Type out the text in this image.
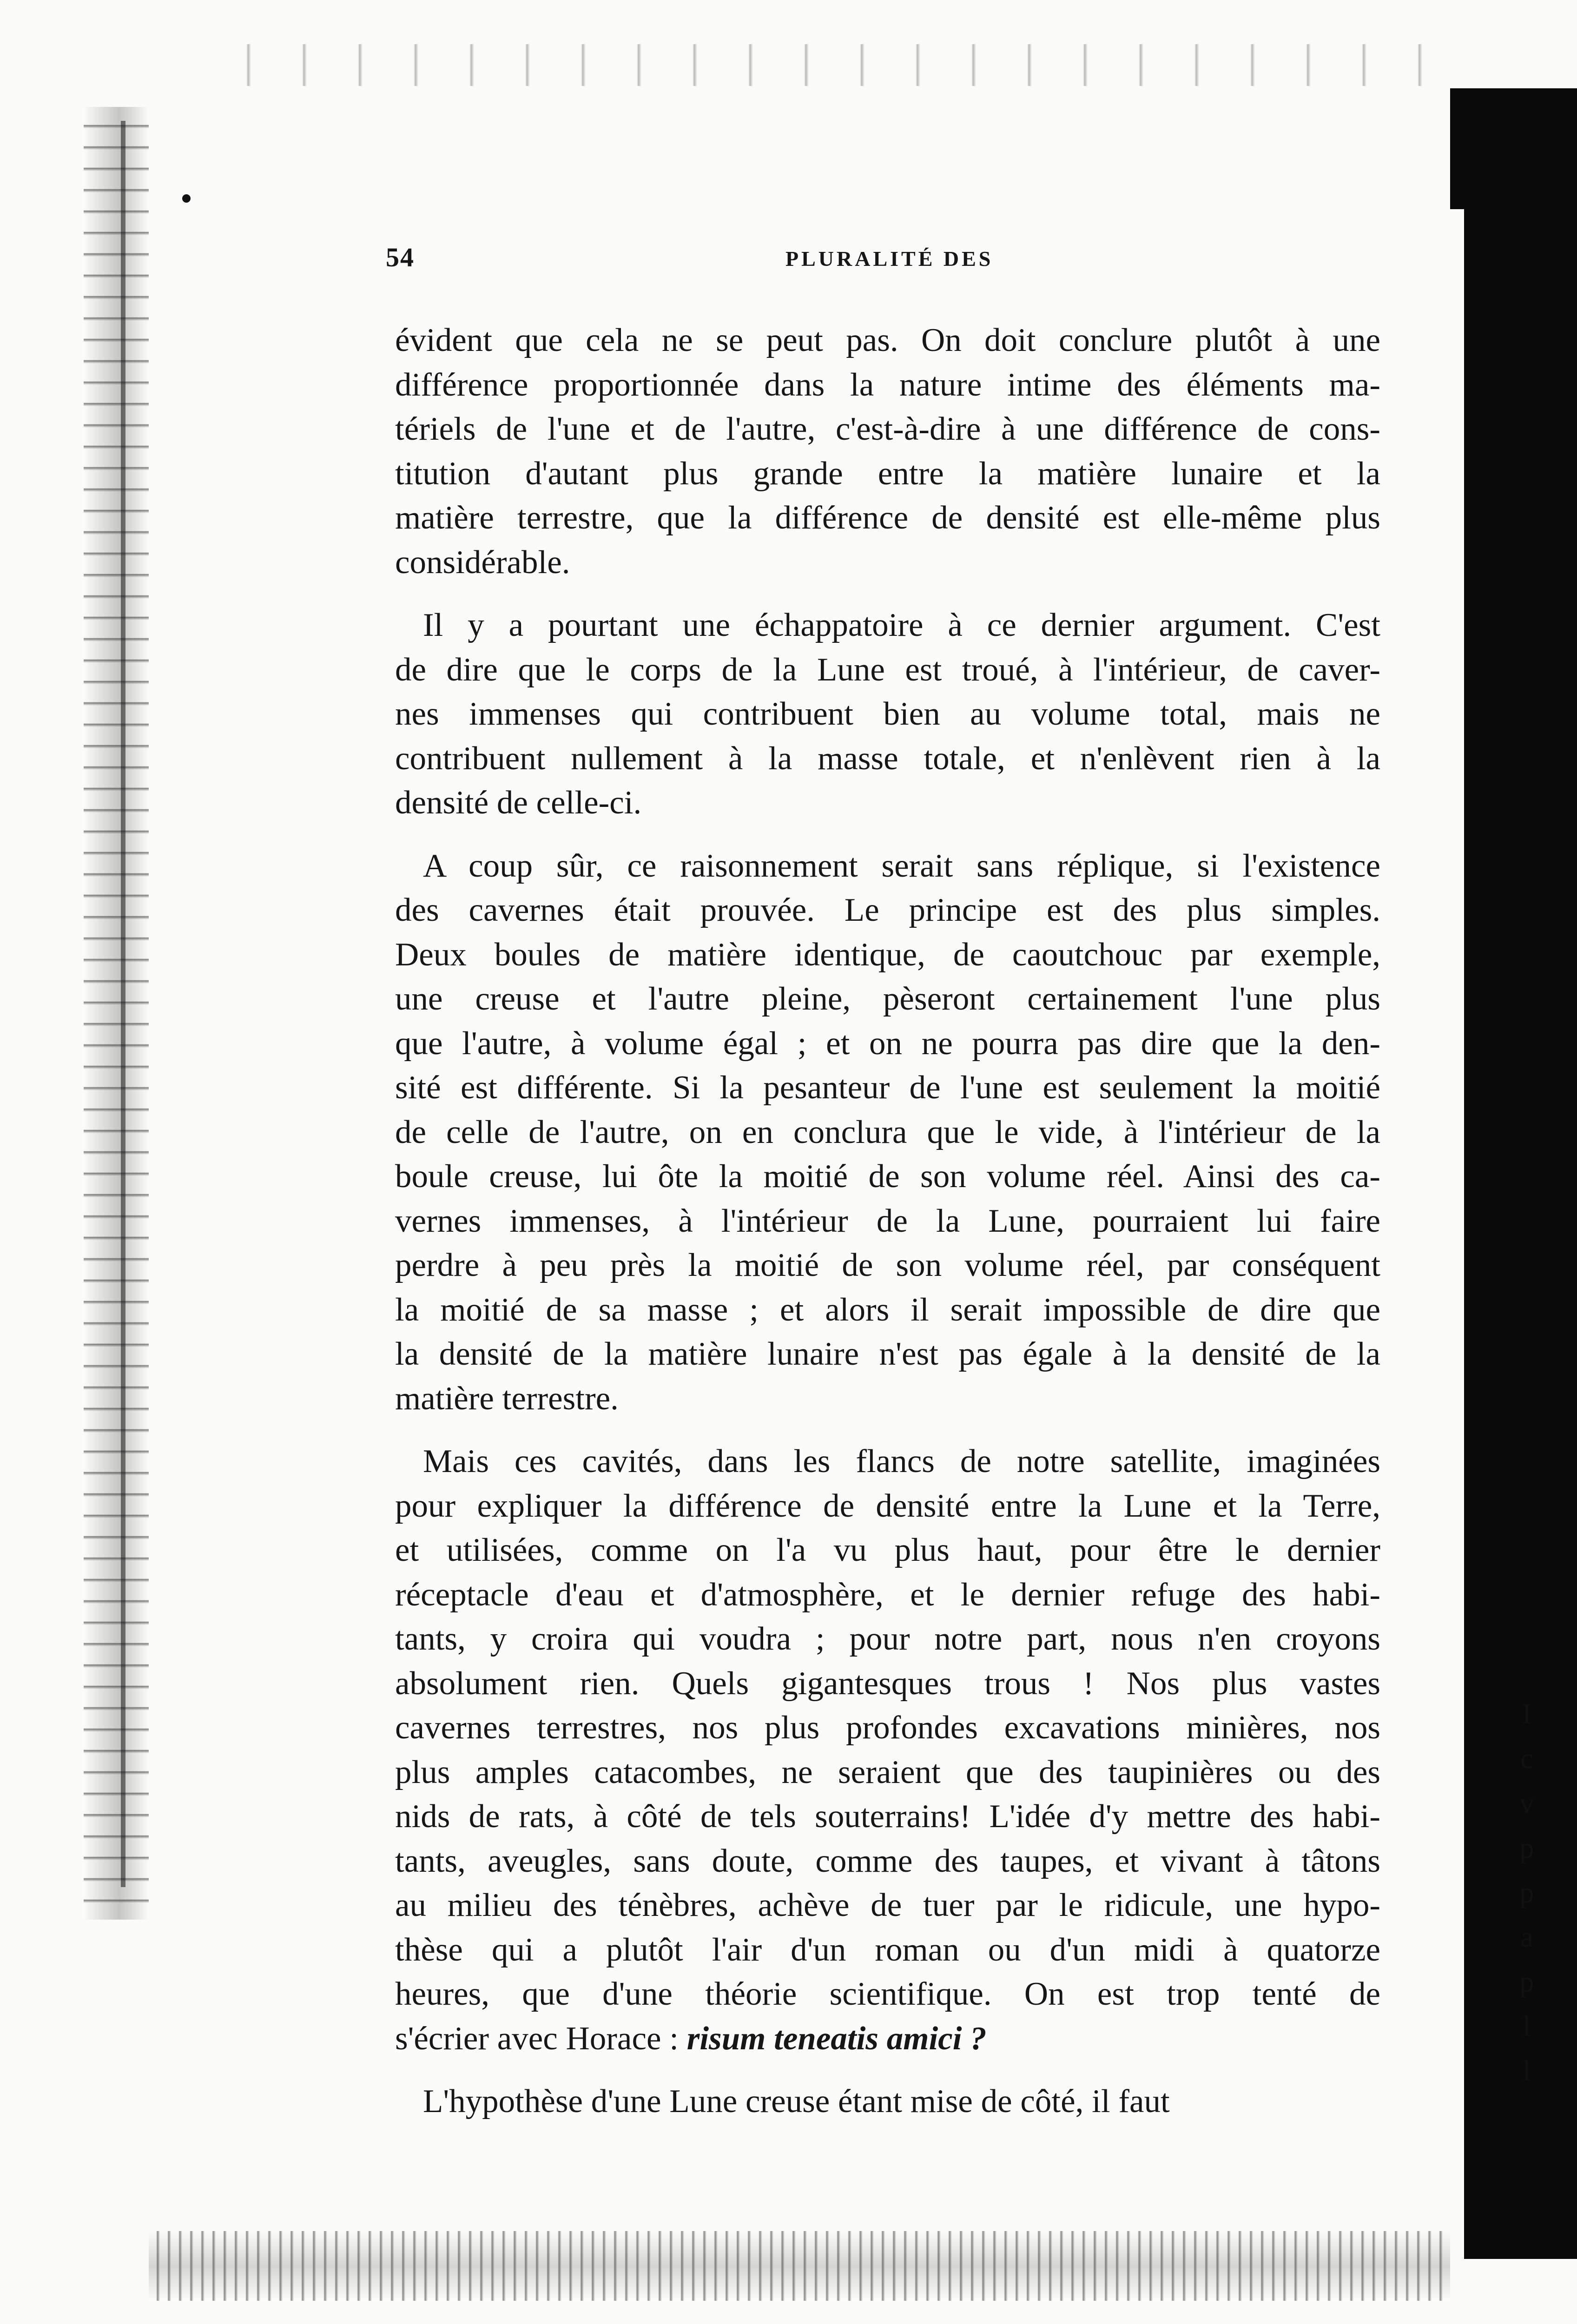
I
c
v
p
p
a
p
l
l
54	PLURALITÉ DES

évident que cela ne se peut pas. On doit conclure plutôt à une
différence proportionnée dans la nature intime des éléments ma-
tériels de l'une et de l'autre, c'est-à-dire à une différence de cons-
titution d'autant plus grande entre la matière lunaire et la
matière terrestre, que la différence de densité est elle-même plus
considérable.

Il y a pourtant une échappatoire à ce dernier argument. C'est
de dire que le corps de la Lune est troué, à l'intérieur, de caver-
nes immenses qui contribuent bien au volume total, mais ne
contribuent nullement à la masse totale, et n'enlèvent rien à la
densité de celle-ci.

A coup sûr, ce raisonnement serait sans réplique, si l'existence
des cavernes était prouvée. Le principe est des plus simples.
Deux boules de matière identique, de caoutchouc par exemple,
une creuse et l'autre pleine, pèseront certainement l'une plus
que l'autre, à volume égal ; et on ne pourra pas dire que la den-
sité est différente. Si la pesanteur de l'une est seulement la moitié
de celle de l'autre, on en conclura que le vide, à l'intérieur de la
boule creuse, lui ôte la moitié de son volume réel. Ainsi des ca-
vernes immenses, à l'intérieur de la Lune, pourraient lui faire
perdre à peu près la moitié de son volume réel, par conséquent
la moitié de sa masse ; et alors il serait impossible de dire que
la densité de la matière lunaire n'est pas égale à la densité de la
matière terrestre.

Mais ces cavités, dans les flancs de notre satellite, imaginées
pour expliquer la différence de densité entre la Lune et la Terre,
et utilisées, comme on l'a vu plus haut, pour être le dernier
réceptacle d'eau et d'atmosphère, et le dernier refuge des habi-
tants, y croira qui voudra ; pour notre part, nous n'en croyons
absolument rien. Quels gigantesques trous ! Nos plus vastes
cavernes terrestres, nos plus profondes excavations minières, nos
plus amples catacombes, ne seraient que des taupinières ou des
nids de rats, à côté de tels souterrains! L'idée d'y mettre des habi-
tants, aveugles, sans doute, comme des taupes, et vivant à tâtons
au milieu des ténèbres, achève de tuer par le ridicule, une hypo-
thèse qui a plutôt l'air d'un roman ou d'un midi à quatorze
heures, que d'une théorie scientifique. On est trop tenté de
s'écrier avec Horace : risum teneatis amici ?

L'hypothèse d'une Lune creuse étant mise de côté, il faut
